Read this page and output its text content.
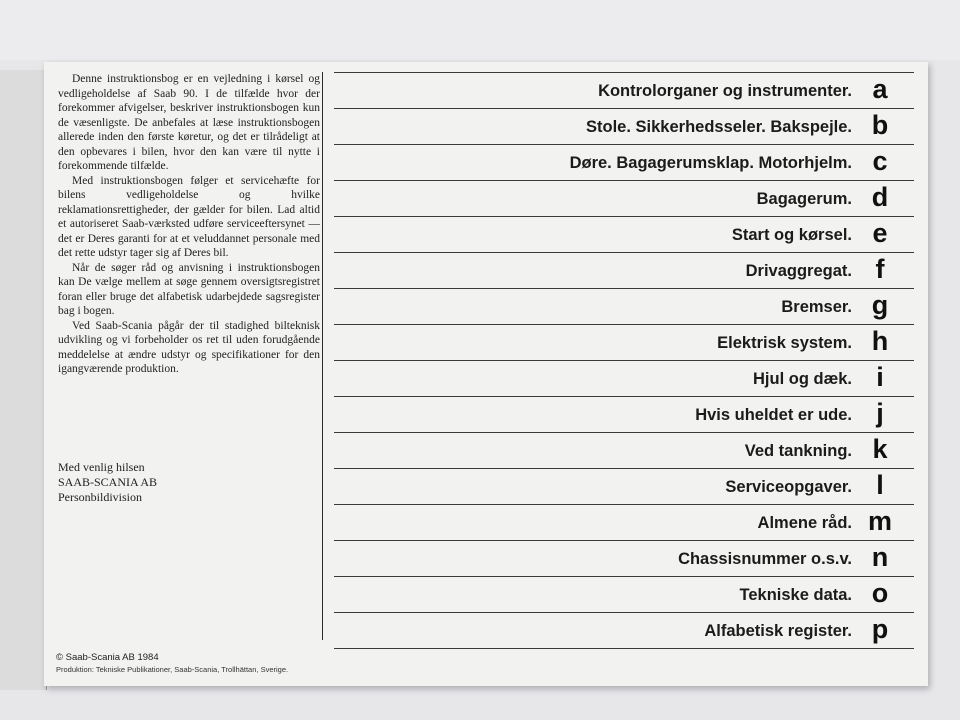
Denne instruktionsbog er en vejledning i kørsel og vedligeholdelse af Saab 90. I de tilfælde hvor der forekommer afvigelser, beskriver instruktionsbogen kun de væsenligste. De anbefales at læse instruktionsbogen allerede inden den første køretur, og det er tilrådeligt at den opbevares i bilen, hvor den kan være til nytte i forekommende tilfælde.

Med instruktionsbogen følger et servicehæfte for bilens vedligeholdelse og hvilke reklamationsrettigheder, der gælder for bilen. Lad altid et autoriseret Saab-værksted udføre serviceeftersynet — det er Deres garanti for at et veluddannet personale med det rette udstyr tager sig af Deres bil.

Når de søger råd og anvisning i instruktionsbogen kan De vælge mellem at søge gennem oversigtsregistret foran eller bruge det alfabetisk udarbejdede sagsregister bag i bogen.

Ved Saab-Scania pågår der til stadighed bilteknisk udvikling og vi forbeholder os ret til uden forudgående meddelelse at ændre udstyr og specifikationer for den igangværende produktion.

Med venlig hilsen
SAAB-SCANIA AB
Personbildivision
© Saab-Scania AB 1984
Produktion: Tekniske Publikationer, Saab-Scania, Trollhättan, Sverige.
Kontrolorganer og instrumenter. a
Stole. Sikkerhedsseler. Bakspejle. b
Døre. Bagagerumsklap. Motorhjelm. c
Bagagerum. d
Start og kørsel. e
Drivaggregat. f
Bremser. g
Elektrisk system. h
Hjul og dæk. i
Hvis uheldet er ude. j
Ved tankning. k
Serviceopgaver. l
Almene råd. m
Chassisnummer o.s.v. n
Tekniske data. o
Alfabetisk register. p
